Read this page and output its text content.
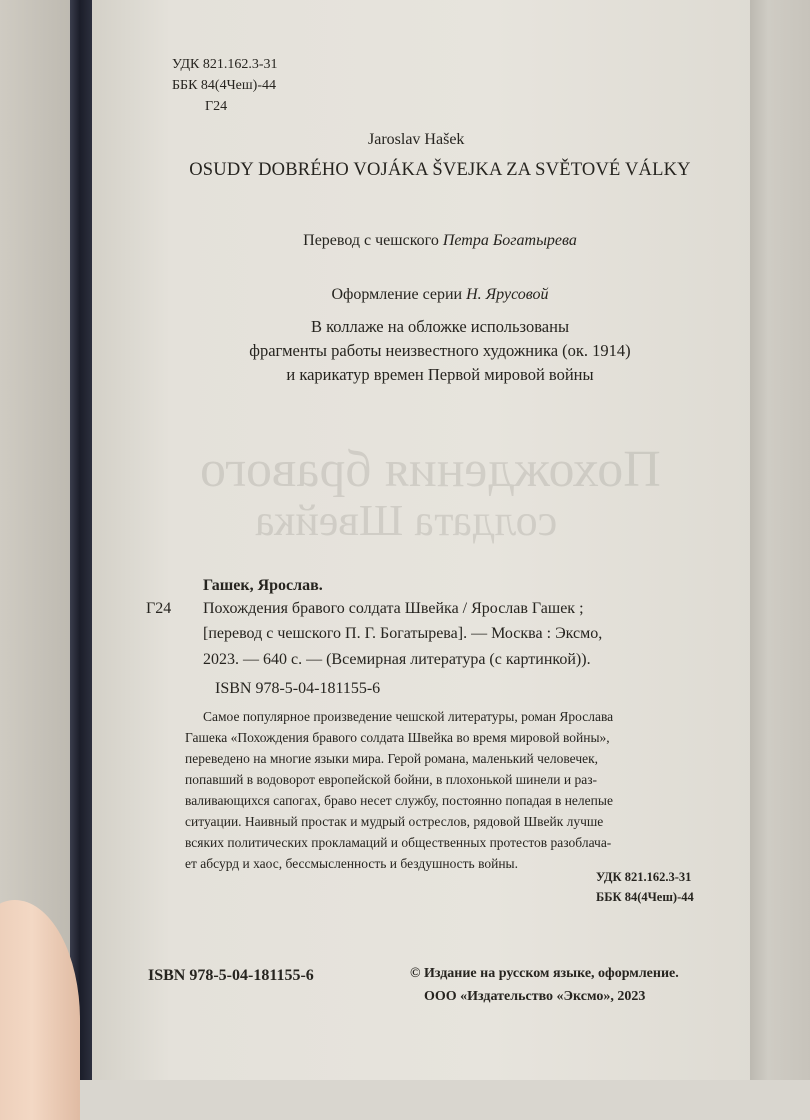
Похождения бравого
солдата Швейка
УДК 821.162.3-31
ББК 84(4Чеш)-44
Г24
Jaroslav Hašek
OSUDY DOBRÉHO VOJÁKA ŠVEJKA ZA SVĚTOVÉ VÁLKY
Перевод с чешского Петра Богатырева
Оформление серии Н. Ярусовой
В коллаже на обложке использованы
фрагменты работы неизвестного художника (ок. 1914)
и карикатур времен Первой мировой войны
Гашек, Ярослав.
Г24 Похождения бравого солдата Швейка / Ярослав Гашек ;
[перевод с чешского П. Г. Богатырева]. — Москва : Эксмо,
2023. — 640 с. — (Всемирная литература (с картинкой)).
ISBN 978-5-04-181155-6
Самое популярное произведение чешской литературы, роман Ярослава
Гашека «Похождения бравого солдата Швейка во время мировой войны»,
переведено на многие языки мира. Герой романа, маленький человечек,
попавший в водоворот европейской бойни, в плохонькой шинели и раз-
валивающихся сапогах, браво несет службу, постоянно попадая в нелепые
ситуации. Наивный простак и мудрый остреслов, рядовой Швейк лучше
всяких политических прокламаций и общественных протестов разоблача-
ет абсурд и хаос, бессмысленность и бездушность войны.
УДК 821.162.3-31
ББК 84(4Чеш)-44
ISBN 978-5-04-181155-6	© Издание на русском языке, оформление.
ООО «Издательство «Эксмо», 2023
